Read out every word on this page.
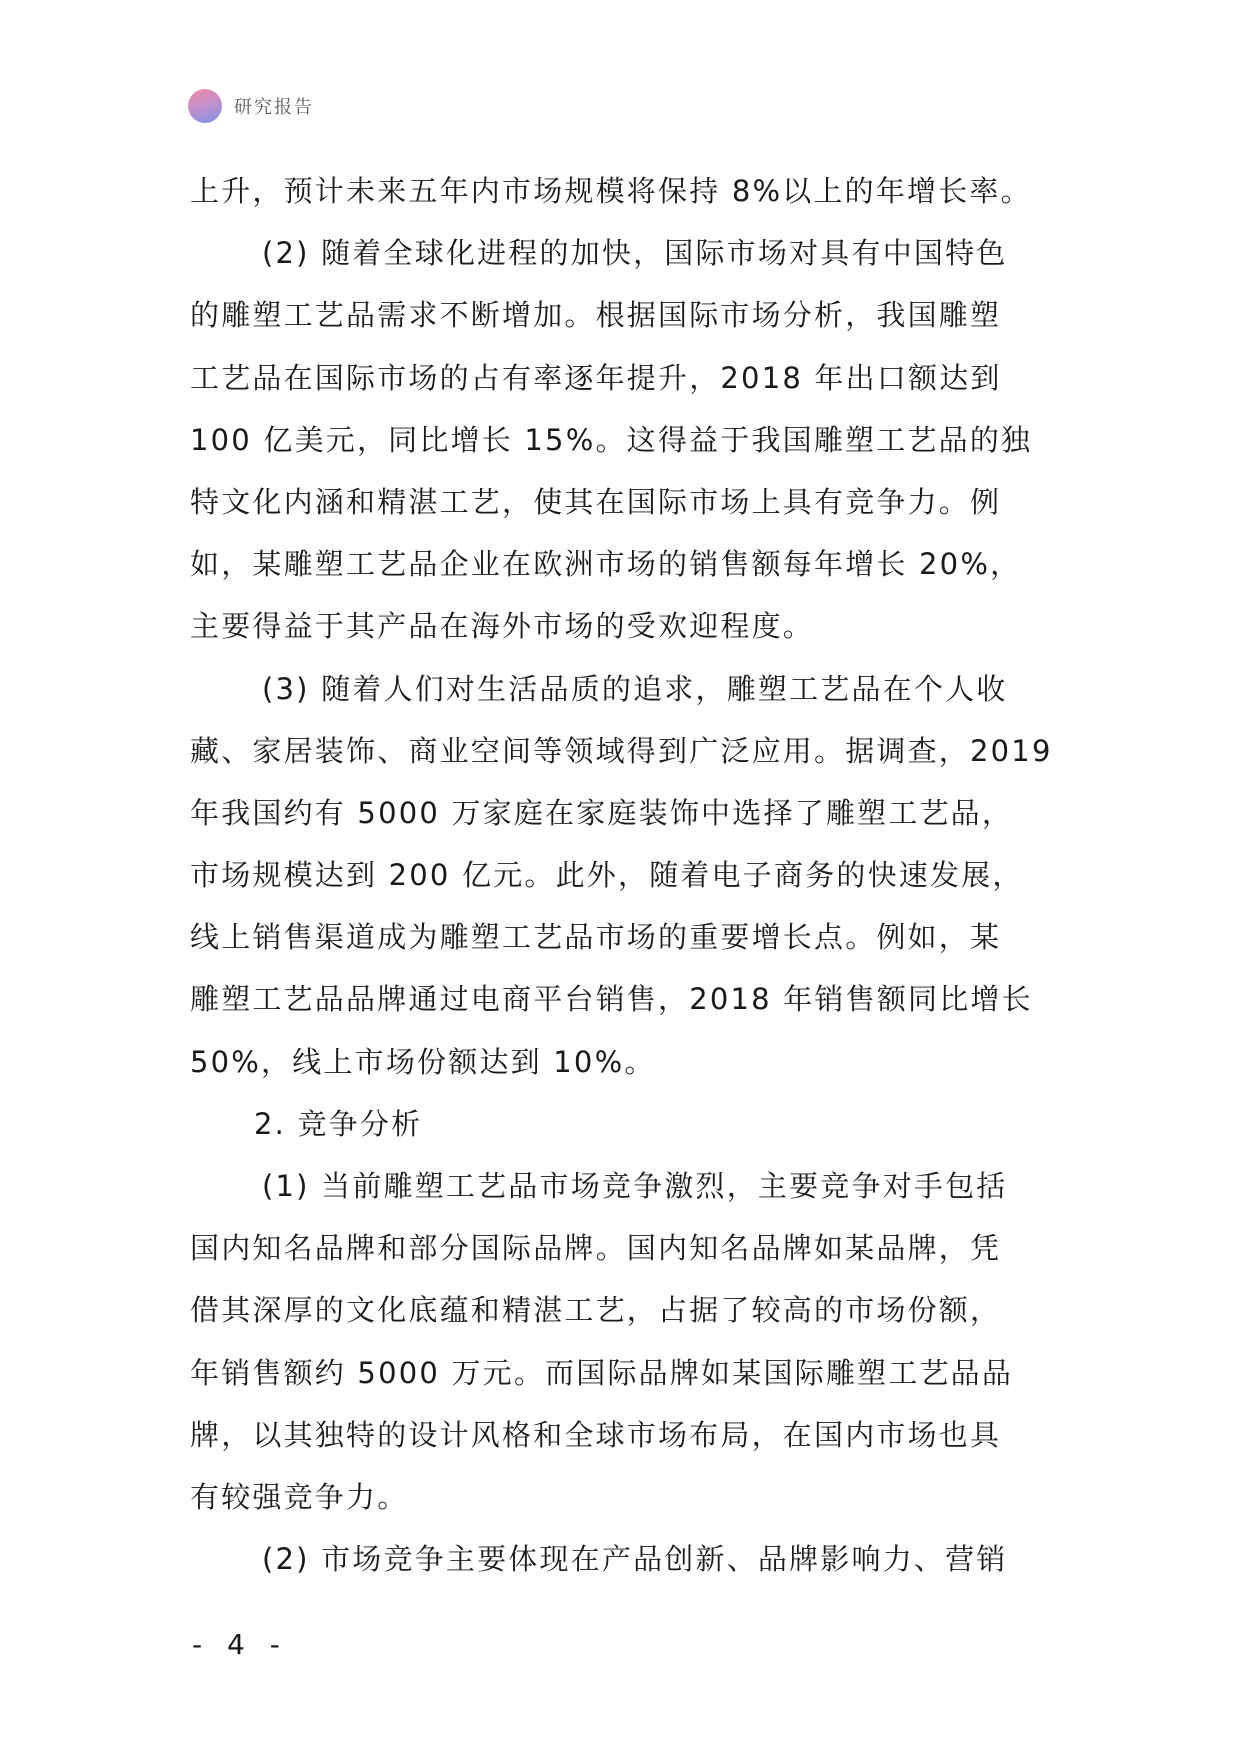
研究报告
上升，预计未来五年内市场规模将保持 8%以上的年增长率。
(2) 随着全球化进程的加快，国际市场对具有中国特色
的雕塑工艺品需求不断增加。根据国际市场分析，我国雕塑
工艺品在国际市场的占有率逐年提升，2018 年出口额达到
100 亿美元，同比增长 15%。这得益于我国雕塑工艺品的独
特文化内涵和精湛工艺，使其在国际市场上具有竞争力。例
如，某雕塑工艺品企业在欧洲市场的销售额每年增长 20%，
主要得益于其产品在海外市场的受欢迎程度。
(3) 随着人们对生活品质的追求，雕塑工艺品在个人收
藏、家居装饰、商业空间等领域得到广泛应用。据调查，2019
年我国约有 5000 万家庭在家庭装饰中选择了雕塑工艺品，
市场规模达到 200 亿元。此外，随着电子商务的快速发展，
线上销售渠道成为雕塑工艺品市场的重要增长点。例如，某
雕塑工艺品品牌通过电商平台销售，2018 年销售额同比增长
50%，线上市场份额达到 10%。
2. 竞争分析
(1) 当前雕塑工艺品市场竞争激烈，主要竞争对手包括
国内知名品牌和部分国际品牌。国内知名品牌如某品牌，凭
借其深厚的文化底蕴和精湛工艺，占据了较高的市场份额，
年销售额约 5000 万元。而国际品牌如某国际雕塑工艺品品
牌，以其独特的设计风格和全球市场布局，在国内市场也具
有较强竞争力。
(2) 市场竞争主要体现在产品创新、品牌影响力、营销
- 4 -
